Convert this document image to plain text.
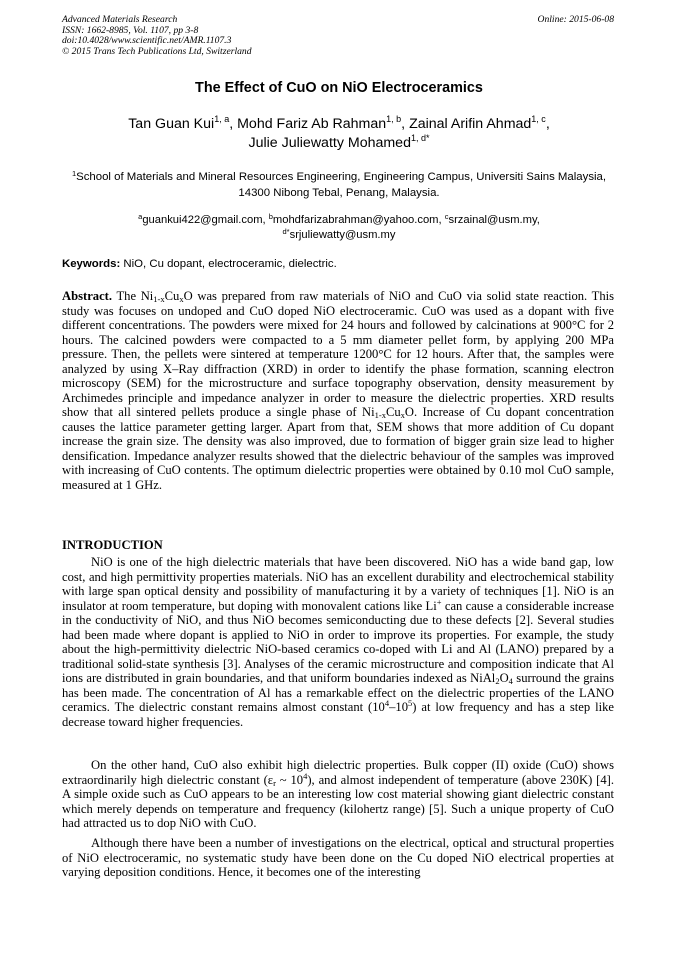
Advanced Materials Research
ISSN: 1662-8985, Vol. 1107, pp 3-8
doi:10.4028/www.scientific.net/AMR.1107.3
© 2015 Trans Tech Publications Ltd, Switzerland
Online: 2015-06-08
The Effect of CuO on NiO Electroceramics
Tan Guan Kui$^{1, a}$, Mohd Fariz Ab Rahman$^{1, b}$, Zainal Arifin Ahmad$^{1, c}$,
Julie Juliewatty Mohamed$^{1, d*}$
$^1$School of Materials and Mineral Resources Engineering, Engineering Campus, Universiti Sains Malaysia, 14300 Nibong Tebal, Penang, Malaysia.
$^a$guankui422@gmail.com, $^b$mohdfarizabrahman@yahoo.com, $^c$srzainal@usm.my,
$^{d*}$srjuliewatty@usm.my
Keywords: NiO, Cu dopant, electroceramic, dielectric.
Abstract. The $Ni_{1-x}Cu_xO$ was prepared from raw materials of NiO and CuO via solid state reaction. This study was focuses on undoped and CuO doped NiO electroceramic. CuO was used as a dopant with five different concentrations. The powders were mixed for 24 hours and followed by calcinations at 900°C for 2 hours. The calcined powders were compacted to a 5 mm diameter pellet form, by applying 200 MPa pressure. Then, the pellets were sintered at temperature 1200°C for 12 hours. After that, the samples were analyzed by using X–Ray diffraction (XRD) in order to identify the phase formation, scanning electron microscopy (SEM) for the microstructure and surface topography observation, density measurement by Archimedes principle and impedance analyzer in order to measure the dielectric properties. XRD results show that all sintered pellets produce a single phase of $Ni_{1-x}Cu_xO$. Increase of Cu dopant concentration causes the lattice parameter getting larger. Apart from that, SEM shows that more addition of Cu dopant increase the grain size. The density was also improved, due to formation of bigger grain size lead to higher densification. Impedance analyzer results showed that the dielectric behaviour of the samples was improved with increasing of CuO contents. The optimum dielectric properties were obtained by 0.10 mol CuO sample, measured at 1 GHz.
INTRODUCTION
NiO is one of the high dielectric materials that have been discovered. NiO has a wide band gap, low cost, and high permittivity properties materials. NiO has an excellent durability and electrochemical stability with large span optical density and possibility of manufacturing it by a variety of techniques [1]. NiO is an insulator at room temperature, but doping with monovalent cations like Li+ can cause a considerable increase in the conductivity of NiO, and thus NiO becomes semiconducting due to these defects [2]. Several studies had been made where dopant is applied to NiO in order to improve its properties. For example, the study about the high-permittivity dielectric NiO-based ceramics co-doped with Li and Al (LANO) prepared by a traditional solid-state synthesis [3]. Analyses of the ceramic microstructure and composition indicate that Al ions are distributed in grain boundaries, and that uniform boundaries indexed as $NiAl_2O_4$ surround the grains has been made. The concentration of Al has a remarkable effect on the dielectric properties of the LANO ceramics. The dielectric constant remains almost constant $(10^4-10^5)$ at low frequency and has a step like decrease toward higher frequencies.
On the other hand, CuO also exhibit high dielectric properties. Bulk copper (II) oxide (CuO) shows extraordinarily high dielectric constant ($\varepsilon_r$ ~ $10^4$), and almost independent of temperature (above 230K) [4]. A simple oxide such as CuO appears to be an interesting low cost material showing giant dielectric constant which merely depends on temperature and frequency (kilohertz range) [5]. Such a unique property of CuO had attracted us to dop NiO with CuO.
Although there have been a number of investigations on the electrical, optical and structural properties of NiO electroceramic, no systematic study have been done on the Cu doped NiO electrical properties at varying deposition conditions. Hence, it becomes one of the interesting
